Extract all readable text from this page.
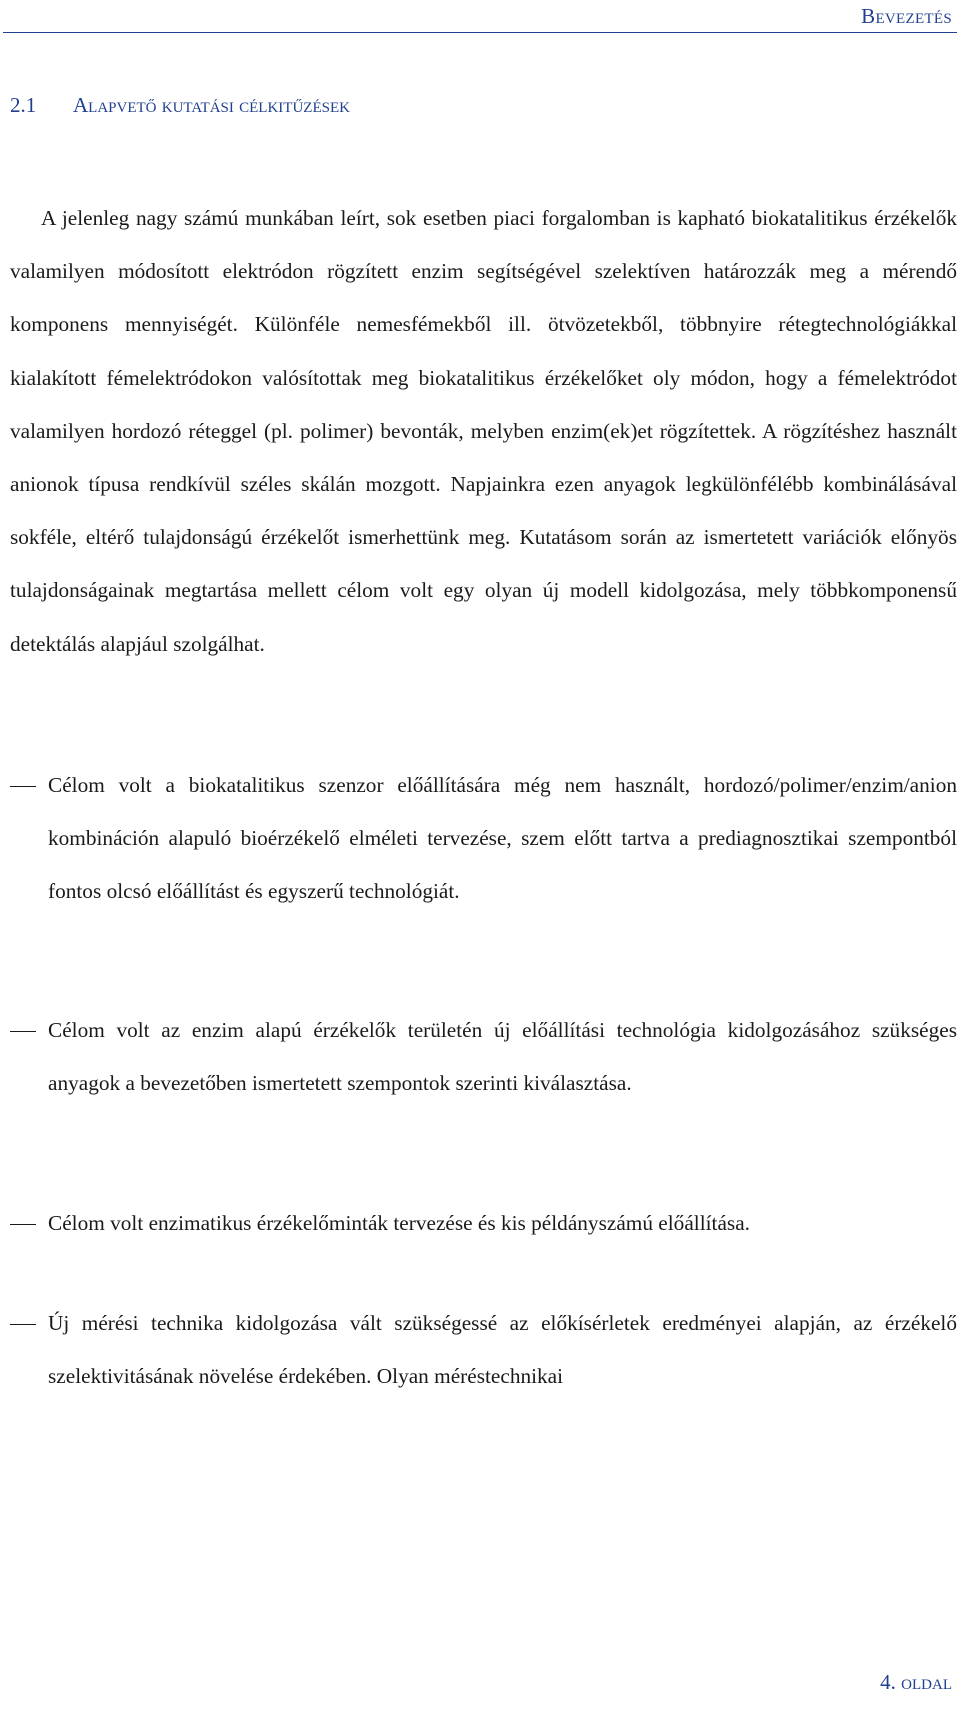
Bevezetés
2.1 Alapvető kutatási célkitűzések

A jelenleg nagy számú munkában leírt, sok esetben piaci forgalomban is kapható biokatalitikus érzékelők valamilyen módosított elektródon rögzített enzim segítségével szelektíven határozzák meg a mérendő komponens mennyiségét. Különféle nemesfémekből ill. ötvözetekből, többnyire rétegtechnológiákkal kialakított fémelektródokon valósítottak meg biokatalitikus érzékelőket oly módon, hogy a fémelektródot valamilyen hordozó réteggel (pl. polimer) bevonták, melyben enzim(ek)et rögzítettek. A rögzítéshez használt anionok típusa rendkívül széles skálán mozgott. Napjainkra ezen anyagok legkülönfélébb kombinálásával sokféle, eltérő tulajdonságú érzékelőt ismerhettünk meg. Kutatásom során az ismertetett variációk előnyös tulajdonságainak megtartása mellett célom volt egy olyan új modell kidolgozása, mely többkomponensű detektálás alapjául szolgálhat.

Célom volt a biokatalitikus szenzor előállítására még nem használt, hordozó/polimer/enzim/anion kombináción alapuló bioérzékelő elméleti tervezése, szem előtt tartva a prediagnosztikai szempontból fontos olcsó előállítást és egyszerű technológiát.
Célom volt az enzim alapú érzékelők területén új előállítási technológia kidolgozásához szükséges anyagok a bevezetőben ismertetett szempontok szerinti kiválasztása.
Célom volt enzimatikus érzékelőminták tervezése és kis példányszámú előállítása.
Új mérési technika kidolgozása vált szükségessé az előkísérletek eredményei alapján, az érzékelő szelektivitásának növelése érdekében. Olyan méréstechnikai
4. oldal
